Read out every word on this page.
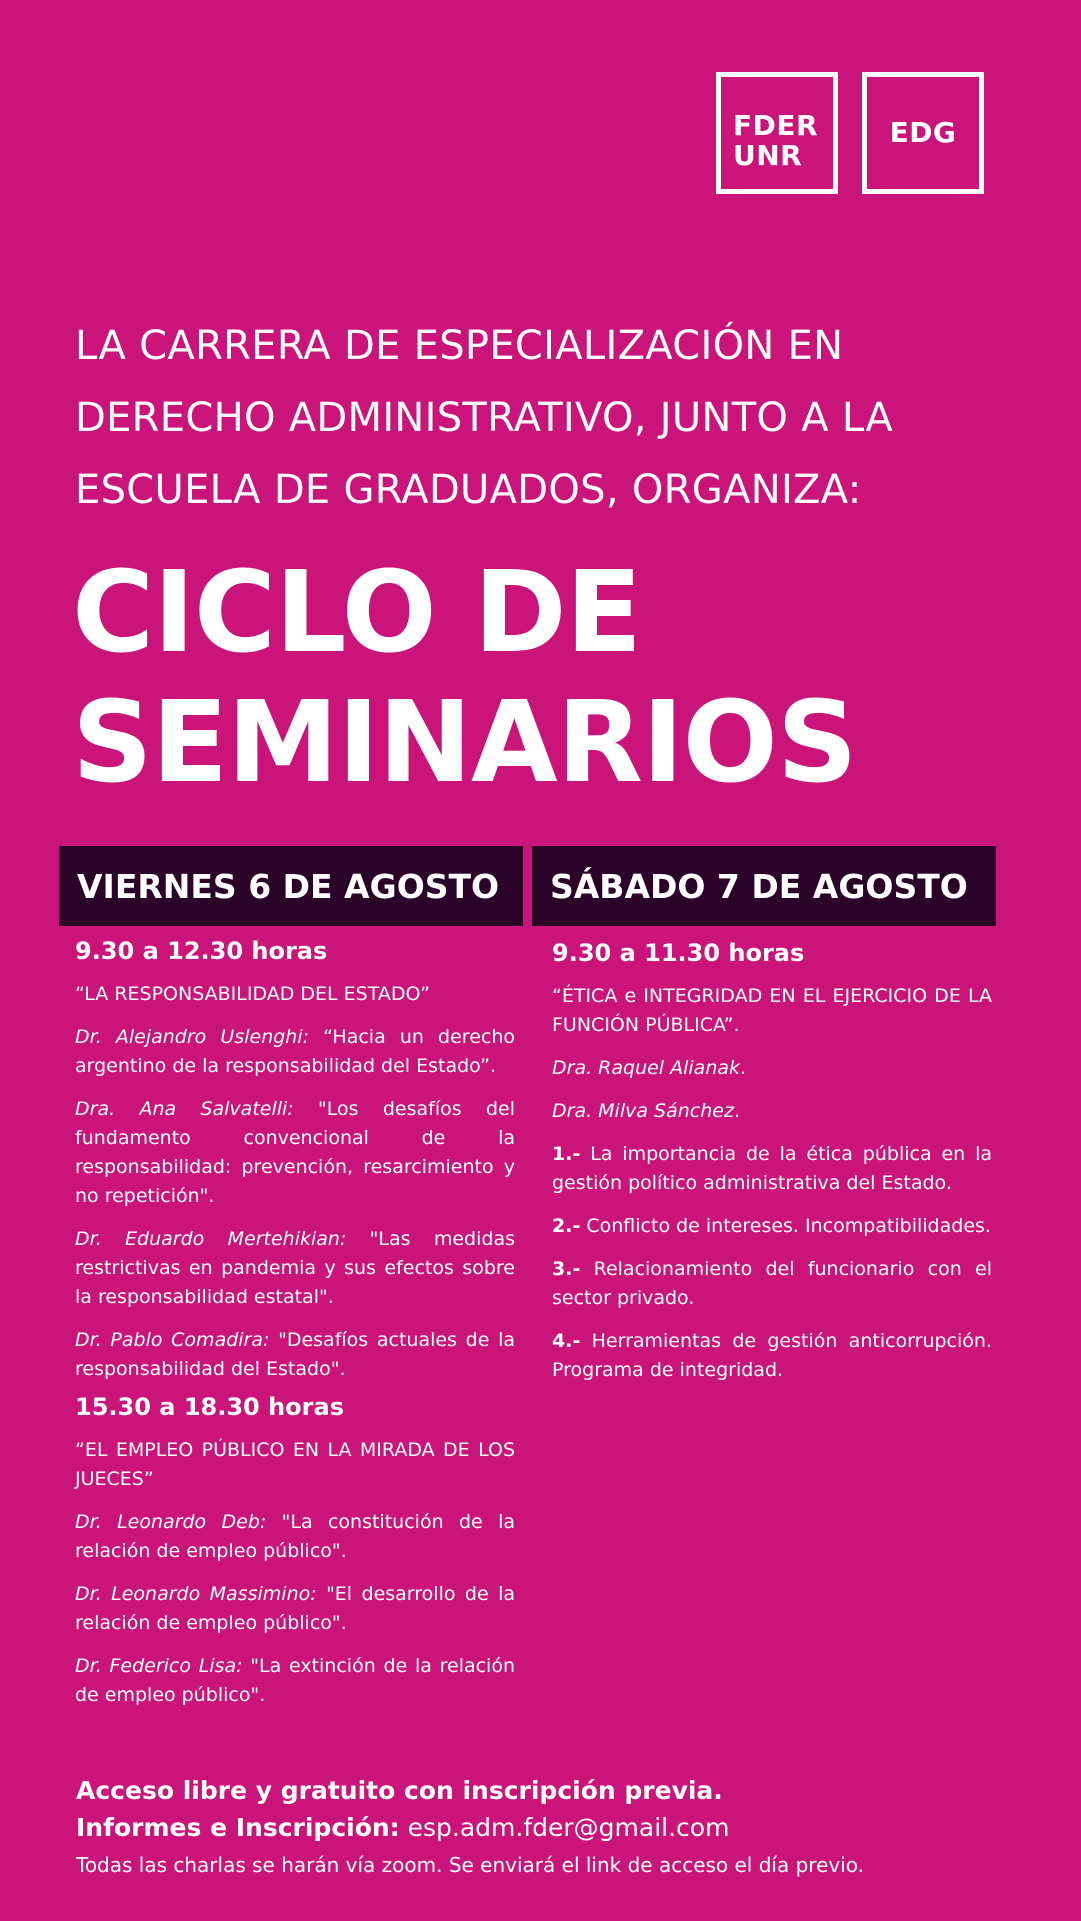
FDER
UNR
EDG
LA CARRERA DE ESPECIALIZACIÓN EN
DERECHO ADMINISTRATIVO, JUNTO A LA
ESCUELA DE GRADUADOS, ORGANIZA:
CICLO DE
SEMINARIOS
VIERNES 6 DE AGOSTO SÁBADO 7 DE AGOSTO
9.30 a 12.30 horas

“LA RESPONSABILIDAD DEL ESTADO”

Dr. Alejandro Uslenghi: “Hacia un derecho argentino de la responsabilidad del Estado”.

Dra. Ana Salvatelli: "Los desafíos del fundamento convencional de la responsabilidad: prevención, resarcimiento y no repetición".

Dr. Eduardo Mertehikian: "Las medidas restrictivas en pandemia y sus efectos sobre la responsabilidad estatal".

Dr. Pablo Comadira: "Desafíos actuales de la responsabilidad del Estado".

15.30 a 18.30 horas

“EL EMPLEO PÚBLICO EN LA MIRADA DE LOS JUECES”

Dr. Leonardo Deb: "La constitución de la relación de empleo público".

Dr. Leonardo Massimino: "El desarrollo de la relación de empleo público".

Dr. Federico Lisa: "La extinción de la relación de empleo público".

9.30 a 11.30 horas

“ÉTICA e INTEGRIDAD EN EL EJERCICIO DE LA FUNCIÓN PÚBLICA”.

Dra. Raquel Alianak.

Dra. Milva Sánchez.

1.- La importancia de la ética pública en la gestión político administrativa del Estado.

2.- Conflicto de intereses. Incompatibilidades.

3.- Relacionamiento del funcionario con el sector privado.

4.- Herramientas de gestión anticorrupción. Programa de integridad.

Acceso libre y gratuito con inscripción previa.
Informes e Inscripción: esp.adm.fder@gmail.com
Todas las charlas se harán vía zoom. Se enviará el link de acceso el día previo.
